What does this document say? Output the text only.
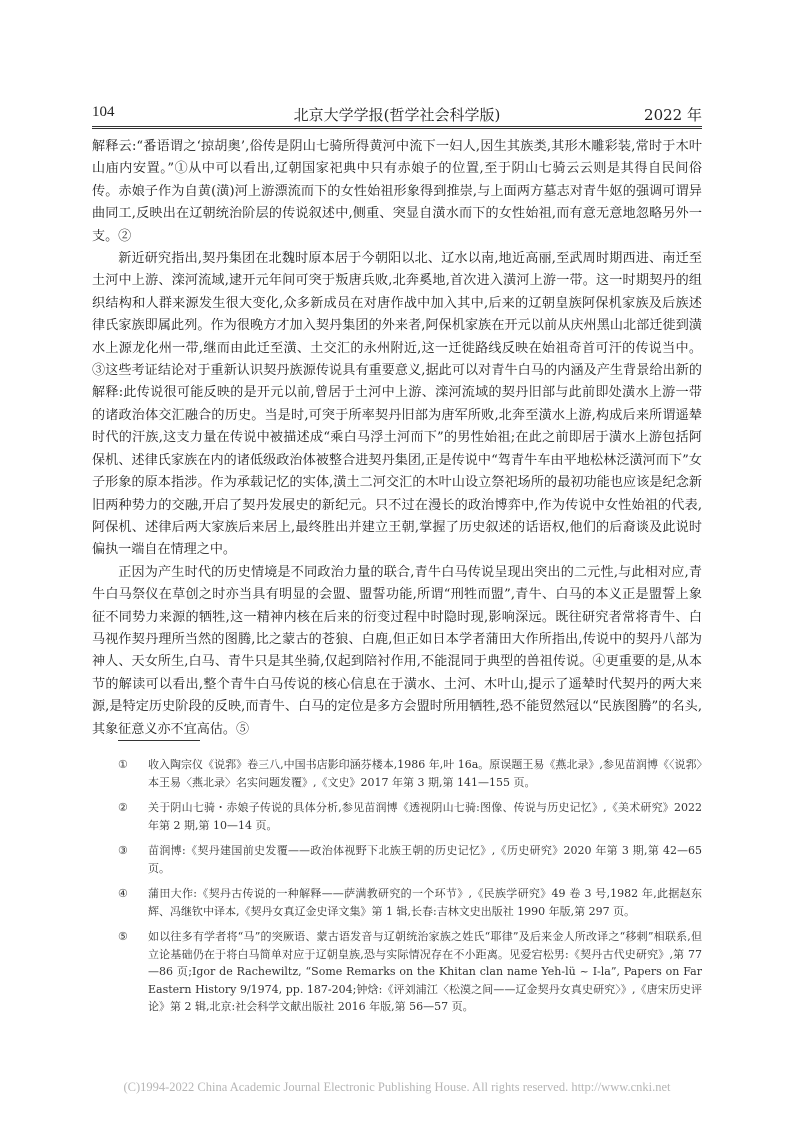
104	北京大学学报(哲学社会科学版)	2022 年

解释云:“番语谓之‘掠胡奥’,俗传是阴山七骑所得黄河中流下一妇人,因生其族类,其形木雕彩装,常时于木叶山庙内安置。”①从中可以看出,辽朝国家祀典中只有赤娘子的位置,至于阴山七骑云云则是其得自民间俗传。赤娘子作为自黄(潢)河上游漂流而下的女性始祖形象得到推崇,与上面两方墓志对青牛妪的强调可谓异曲同工,反映出在辽朝统治阶层的传说叙述中,侧重、突显自潢水而下的女性始祖,而有意无意地忽略另外一支。②

新近研究指出,契丹集团在北魏时原本居于今朝阳以北、辽水以南,地近高丽,至武周时期西进、南迁至土河中上游、滦河流域,逮开元年间可突于叛唐兵败,北奔奚地,首次进入潢河上游一带。这一时期契丹的组织结构和人群来源发生很大变化,众多新成员在对唐作战中加入其中,后来的辽朝皇族阿保机家族及后族述律氏家族即属此列。作为很晚方才加入契丹集团的外来者,阿保机家族在开元以前从庆州黑山北部迁徙到潢水上源龙化州一带,继而由此迁至潢、土交汇的永州附近,这一迁徙路线反映在始祖奇首可汗的传说当中。③这些考证结论对于重新认识契丹族源传说具有重要意义,据此可以对青牛白马的内涵及产生背景给出新的解释:此传说很可能反映的是开元以前,曾居于土河中上游、滦河流域的契丹旧部与此前即处潢水上游一带的诸政治体交汇融合的历史。当是时,可突于所率契丹旧部为唐军所败,北奔至潢水上游,构成后来所谓遥辇时代的汗族,这支力量在传说中被描述成“乘白马浮土河而下”的男性始祖;在此之前即居于潢水上游包括阿保机、述律氏家族在内的诸低级政治体被整合进契丹集团,正是传说中“驾青牛车由平地松林泛潢河而下”女子形象的原本指涉。作为承载记忆的实体,潢土二河交汇的木叶山设立祭祀场所的最初功能也应该是纪念新旧两种势力的交融,开启了契丹发展史的新纪元。只不过在漫长的政治博弈中,作为传说中女性始祖的代表,阿保机、述律后两大家族后来居上,最终胜出并建立王朝,掌握了历史叙述的话语权,他们的后裔谈及此说时偏执一端自在情理之中。

正因为产生时代的历史情境是不同政治力量的联合,青牛白马传说呈现出突出的二元性,与此相对应,青牛白马祭仪在草创之时亦当具有明显的会盟、盟誓功能,所谓“刑牲而盟”,青牛、白马的本义正是盟誓上象征不同势力来源的牺牲,这一精神内核在后来的衍变过程中时隐时现,影响深远。既往研究者常将青牛、白马视作契丹理所当然的图腾,比之蒙古的苍狼、白鹿,但正如日本学者蒲田大作所指出,传说中的契丹八部为神人、天女所生,白马、青牛只是其坐骑,仅起到陪衬作用,不能混同于典型的兽祖传说。④更重要的是,从本节的解读可以看出,整个青牛白马传说的核心信息在于潢水、土河、木叶山,提示了遥辇时代契丹的两大来源,是特定历史阶段的反映,而青牛、白马的定位是多方会盟时所用牺牲,恐不能贸然冠以“民族图腾”的名头,其象征意义亦不宜高估。⑤

① 收入陶宗仪《说郛》卷三八,中国书店影印涵芬楼本,1986 年,叶 16a。原误题王易《燕北录》,参见苗润博《〈说郛〉本王易〈燕北录〉名实问题发覆》,《文史》2017 年第 3 期,第 141—155 页。
② 关于阴山七骑・赤娘子传说的具体分析,参见苗润博《透视阴山七骑:图像、传说与历史记忆》,《美术研究》2022 年第 2 期,第 10—14 页。
③ 苗润博:《契丹建国前史发覆——政治体视野下北族王朝的历史记忆》,《历史研究》2020 年第 3 期,第 42—65 页。
④ 蒲田大作:《契丹古传说的一种解释——萨满教研究的一个环节》,《民族学研究》49 卷 3 号,1982 年,此据赵东辉、冯继钦中译本,《契丹女真辽金史译文集》第 1 辑,长春:吉林文史出版社 1990 年版,第 297 页。
⑤ 如以往多有学者将“马”的突厥语、蒙古语发音与辽朝统治家族之姓氏“耶律”及后来金人所改译之“移剌”相联系,但立论基础仍在于将白马简单对应于辽朝皇族,恐与实际情况存在不小距离。见爱宕松男:《契丹古代史研究》,第 77—86 页;Igor de Rachewiltz, “Some Remarks on the Khitan clan name Yeh-lü ~ I-la”, Papers on Far Eastern History 9/1974, pp. 187-204;钟焓:《评刘浦江〈松漠之间——辽金契丹女真史研究〉》,《唐宋历史评论》第 2 辑,北京:社会科学文献出版社 2016 年版,第 56—57 页。
(C)1994-2022 China Academic Journal Electronic Publishing House. All rights reserved. http://www.cnki.net
